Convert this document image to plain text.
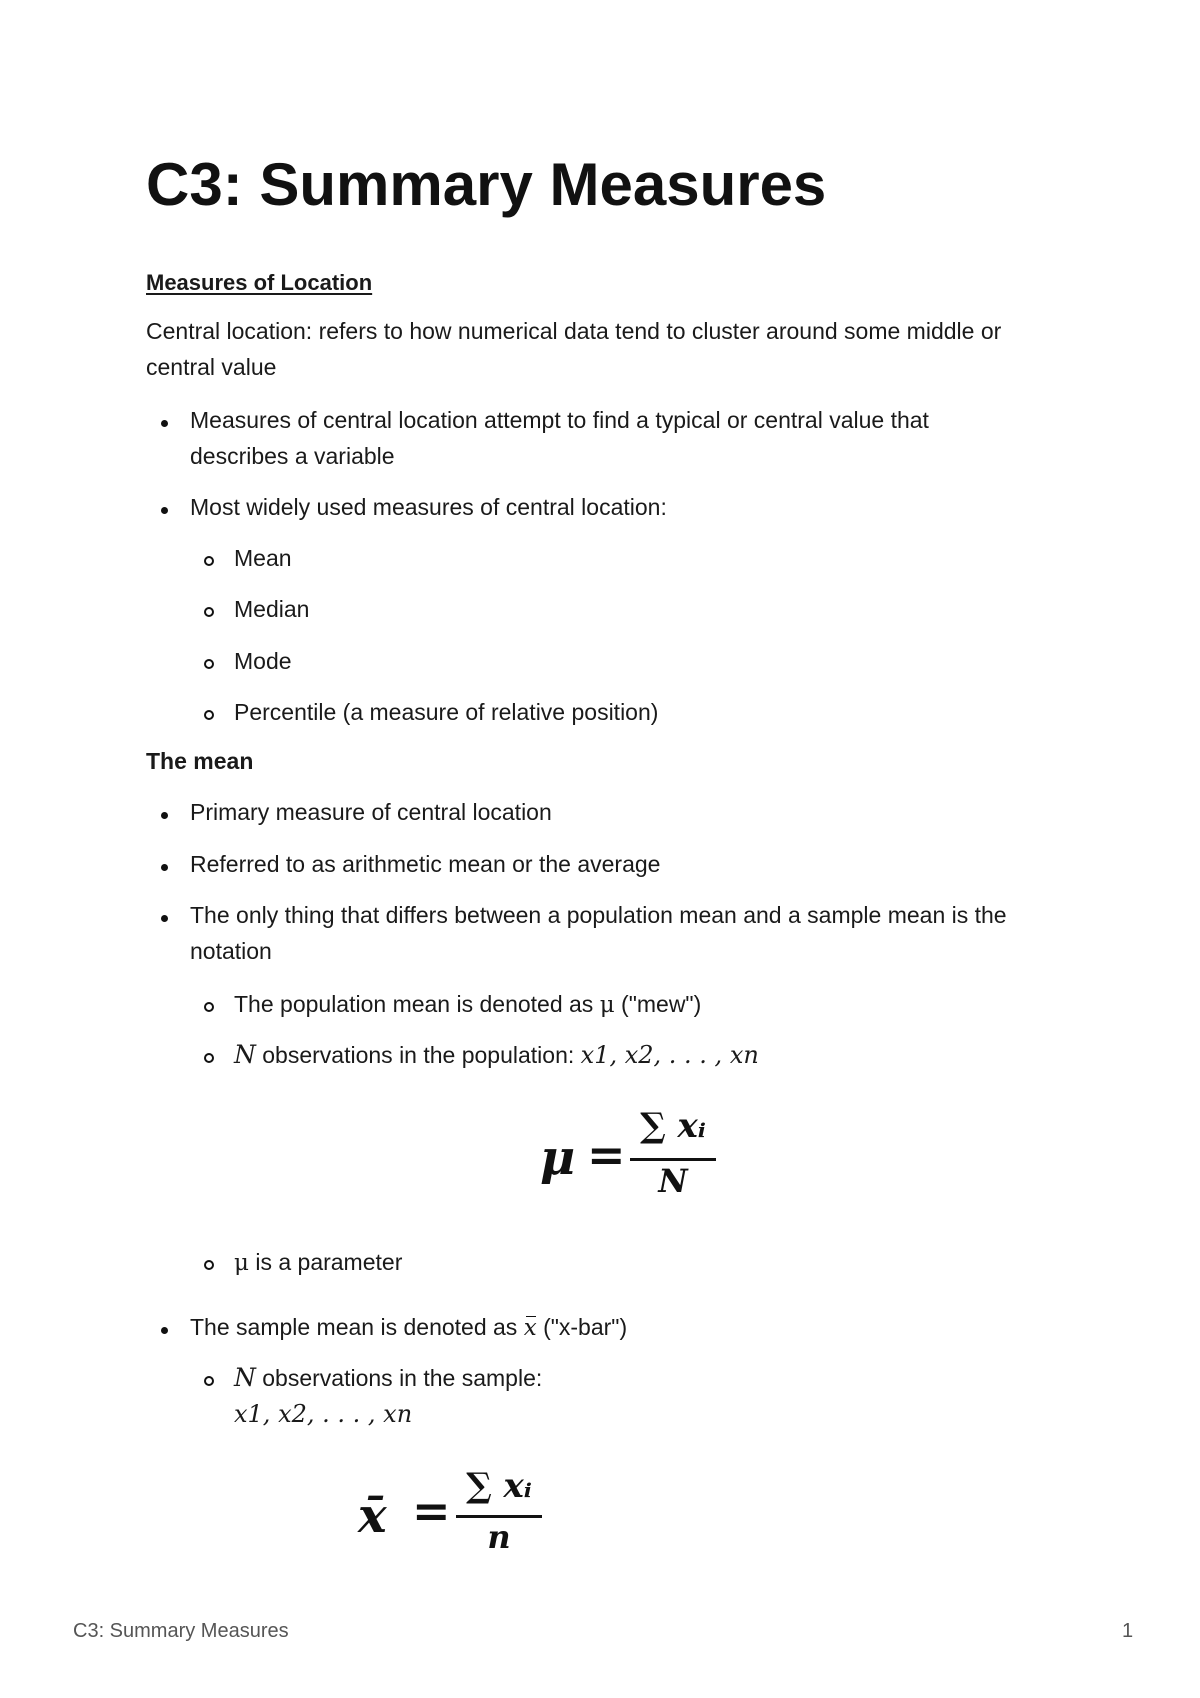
C3: Summary Measures
Measures of Location
Central location: refers to how numerical data tend to cluster around some middle or
central value
Measures of central location attempt to find a typical or central value that
describes a variable
Most widely used measures of central location:
Mean
Median
Mode
Percentile (a measure of relative position)
The mean
Primary measure of central location
Referred to as arithmetic mean or the average
The only thing that differs between a population mean and a sample mean is the
notation
The population mean is denoted as μ ("mew")
N observations in the population: x1, x2, . . . , xn
μ =
∑ xᵢ
N
μ is a parameter
The sample mean is denoted as x ("x-bar")
N observations in the sample:
x1, x2, . . . , xn
x̄ = ∑ xᵢ
n
C3: Summary Measures	1
